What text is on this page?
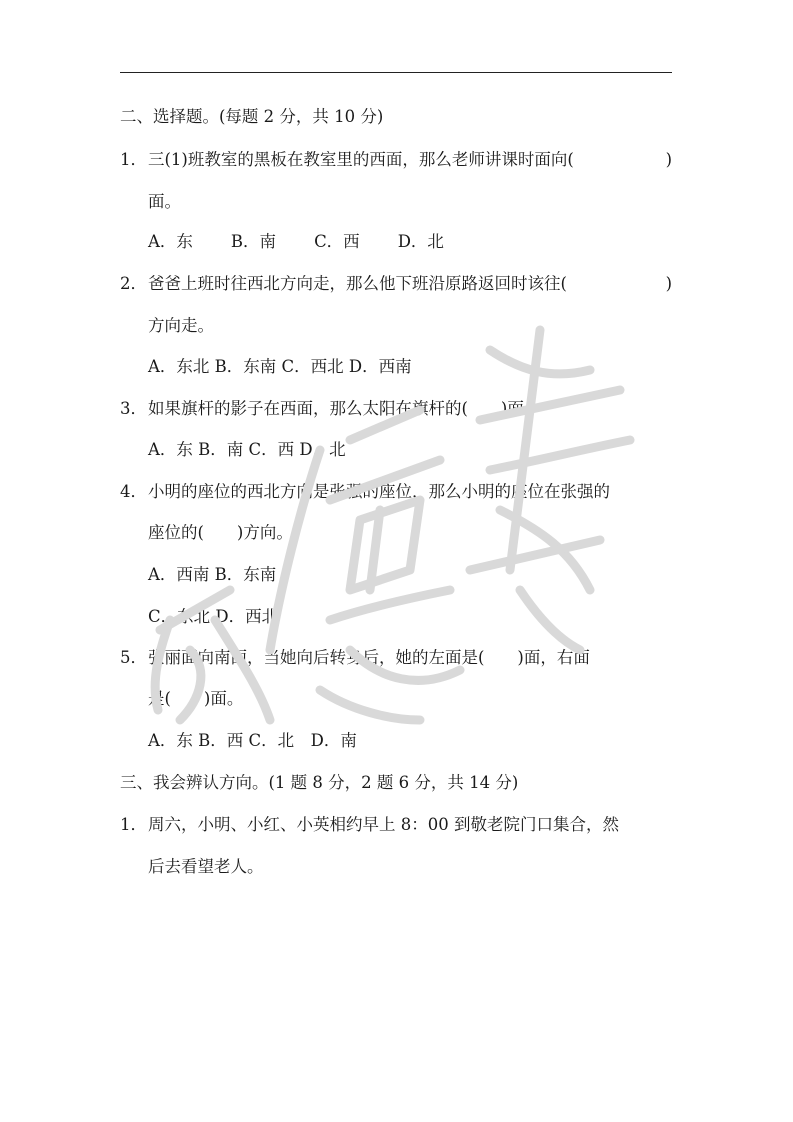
二、选择题。(每题 2 分，共 10 分)
1．三(1)班教室的黑板在教室里的西面，那么老师讲课时面向(	)
面。
A．东 B．南 C．西 D．北
2．爸爸上班时往西北方向走，那么他下班沿原路返回时该往(	)
方向走。
A．东北 B．东南 C．西北 D．西南
3．如果旗杆的影子在西面，那么太阳在旗杆的(　　)面。
A．东 B．南 C．西 D．北
4．小明的座位的西北方向是张强的座位，那么小明的座位在张强的
座位的(　　)方向。
A．西南 B．东南
C．东北 D．西北
5．张丽面向南面，当她向后转身后，她的左面是(　　)面，右面
是(　　)面。
A．东 B．西 C．北　D．南
三、我会辨认方向。(1 题 8 分，2 题 6 分，共 14 分)
1．周六，小明、小红、小英相约早上 8：00 到敬老院门口集合，然
后去看望老人。
